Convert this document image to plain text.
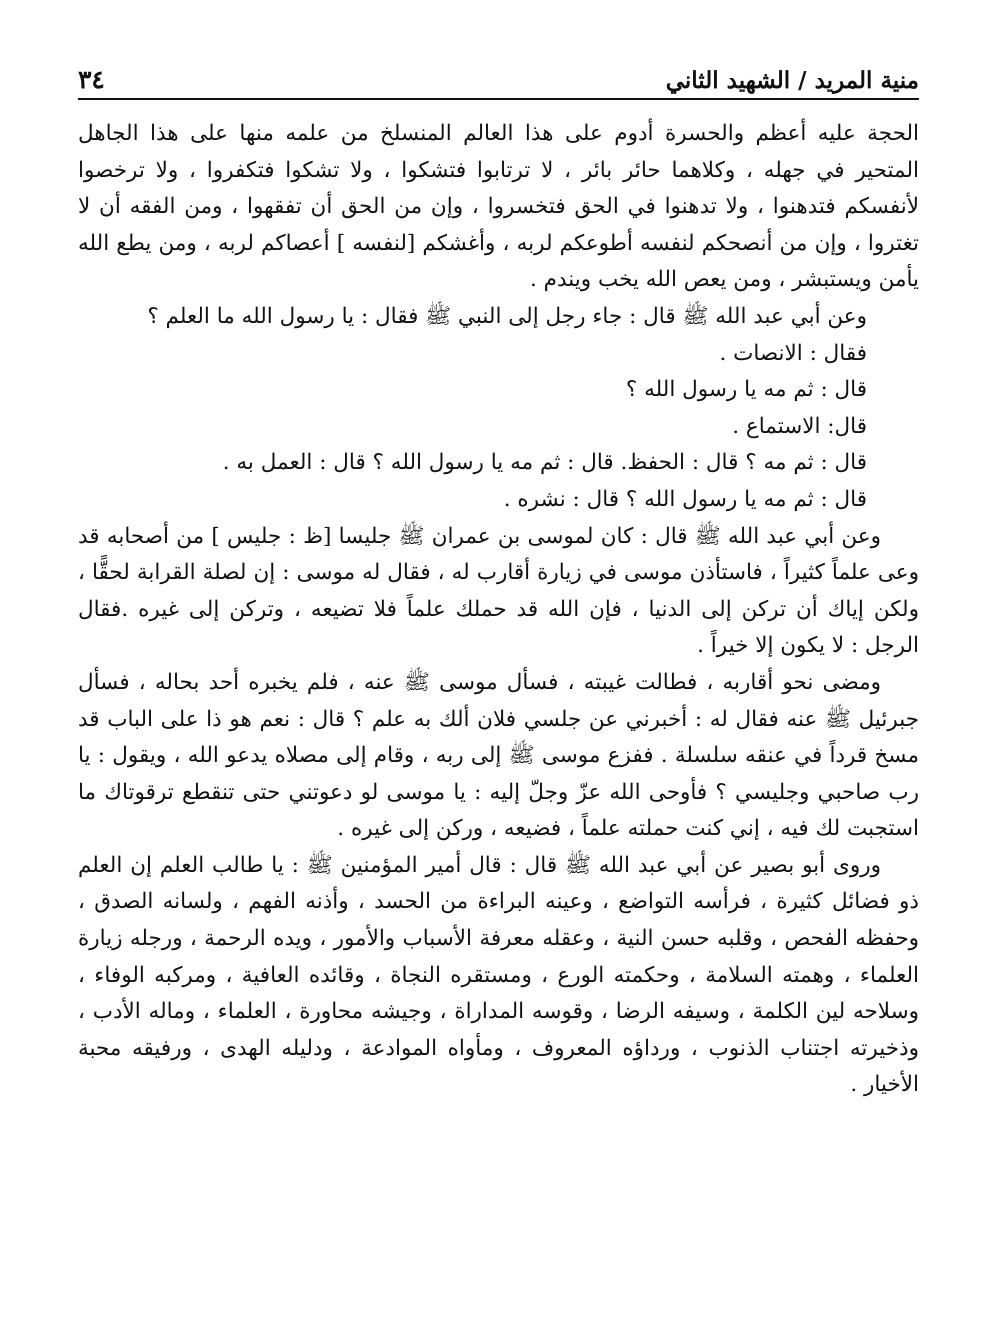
٣٤	منية المريد / الشهيد الثاني

الحجة عليه أعظم والحسرة أدوم على هذا العالم المنسلخ من علمه منها على هذا الجاهل المتحير في جهله ، وكلاهما حائر بائر ، لا ترتابوا فتشكوا ، ولا تشكوا فتكفروا ، ولا ترخصوا لأنفسكم فتدهنوا ، ولا تدهنوا في الحق فتخسروا ، وإن من الحق أن تفقهوا ، ومن الفقه أن لا تغتروا ، وإن من أنصحكم لنفسه أطوعكم لربه ، وأغشكم [لنفسه ] أعصاكم لربه ، ومن يطع الله يأمن ويستبشر ، ومن يعص الله يخب ويندم .

وعن أبي عبد الله ﷺ قال : جاء رجل إلى النبي ﷺ فقال : يا رسول الله ما العلم ؟

فقال : الانصات .

قال : ثم مه يا رسول الله ؟

قال: الاستماع .

قال : ثم مه ؟ قال : الحفظ. قال : ثم مه يا رسول الله ؟ قال : العمل به .

قال : ثم مه يا رسول الله ؟ قال : نشره .

وعن أبي عبد الله ﷺ قال : كان لموسى بن عمران ﷺ جليسا [ظ : جليس ] من أصحابه قد وعى علماً كثيراً ، فاستأذن موسى في زيارة أقارب له ، فقال له موسى : إن لصلة القرابة لحقًّا ، ولكن إياك أن تركن إلى الدنيا ، فإن الله قد حملك علماً فلا تضيعه ، وتركن إلى غيره .فقال الرجل : لا يكون إلا خيراً .

ومضى نحو أقاربه ، فطالت غيبته ، فسأل موسى ﷺ عنه ، فلم يخبره أحد بحاله ، فسأل جبرئيل ﷺ عنه فقال له : أخبرني عن جلسي فلان ألك به علم ؟ قال : نعم هو ذا على الباب قد مسخ قرداً في عنقه سلسلة . ففزع موسى ﷺ إلى ربه ، وقام إلى مصلاه يدعو الله ، ويقول : يا رب صاحبي وجليسي ؟ فأوحى الله عزّ وجلّ إليه : يا موسى لو دعوتني حتى تنقطع ترقوتاك ما استجبت لك فيه ، إني كنت حملته علماً ، فضيعه ، وركن إلى غيره .

وروى أبو بصير عن أبي عبد الله ﷺ قال : قال أمير المؤمنين ﷺ : يا طالب العلم إن العلم ذو فضائل كثيرة ، فرأسه التواضع ، وعينه البراءة من الحسد ، وأذنه الفهم ، ولسانه الصدق ، وحفظه الفحص ، وقلبه حسن النية ، وعقله معرفة الأسباب والأمور ، ويده الرحمة ، ورجله زيارة العلماء ، وهمته السلامة ، وحكمته الورع ، ومستقره النجاة ، وقائده العافية ، ومركبه الوفاء ، وسلاحه لين الكلمة ، وسيفه الرضا ، وقوسه المداراة ، وجيشه محاورة ، العلماء ، وماله الأدب ، وذخيرته اجتناب الذنوب ، ورداؤه المعروف ، ومأواه الموادعة ، ودليله الهدى ، ورفيقه محبة الأخيار .
